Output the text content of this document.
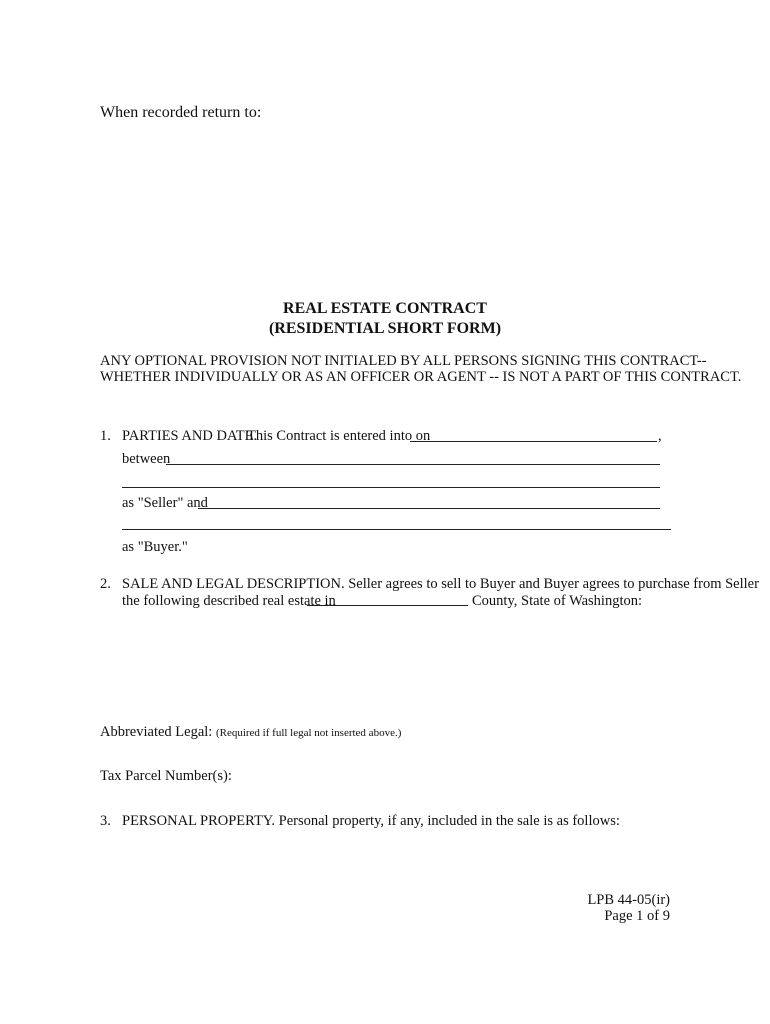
When recorded return to:
REAL ESTATE CONTRACT
(RESIDENTIAL SHORT FORM)
ANY OPTIONAL PROVISION NOT INITIALED BY ALL PERSONS SIGNING THIS CONTRACT--
WHETHER INDIVIDUALLY OR AS AN OFFICER OR AGENT -- IS NOT A PART OF THIS CONTRACT.
1. PARTIES AND DATE.
This Contract is entered into on	,
between
as "Seller" and
as "Buyer."
2. SALE AND LEGAL DESCRIPTION. Seller agrees to sell to Buyer and Buyer agrees to purchase from Seller
the following described real estate in	County, State of Washington:
Abbreviated Legal: (Required if full legal not inserted above.)
Tax Parcel Number(s):
3. PERSONAL PROPERTY. Personal property, if any, included in the sale is as follows:
LPB 44-05(ir)
Page 1 of 9
